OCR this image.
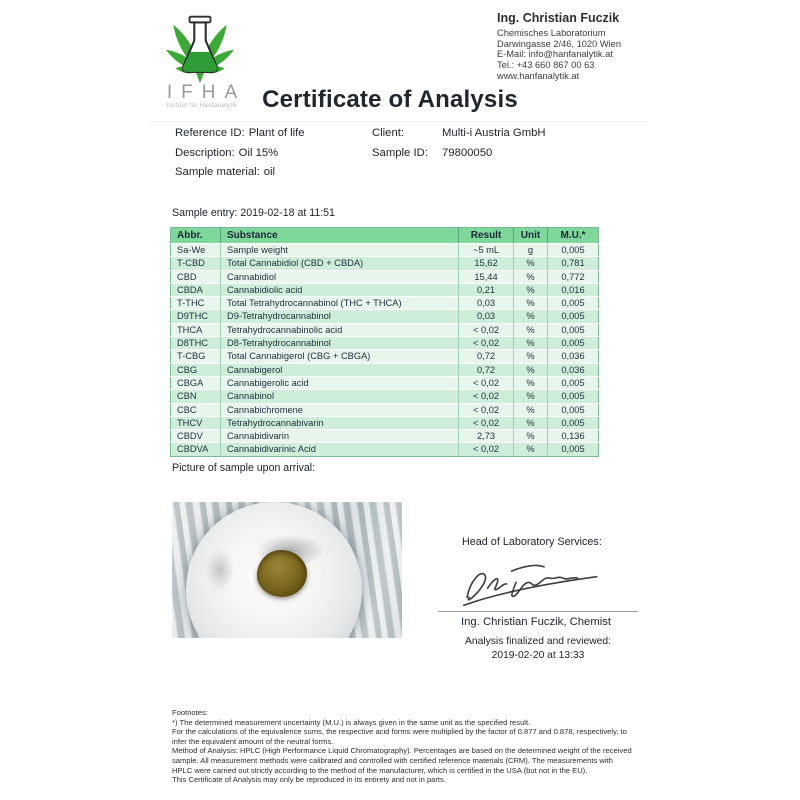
IFHA
Institut für Hanfanalytik
Ing. Christian Fuczik
Chemisches Laboratorium
Darwingasse 2/46, 1020 Wien
E-Mail: info@hanfanalytik.at
Tel.: +43 660 867 00 63
www.hanfanalytik.at
Certificate of Analysis
Reference ID: Plant of life
Description: Oil 15%
Sample material: oil
Client:	Multi-i Austria GmbH
Sample ID: 79800050
Sample entry: 2019-02-18 at 11:51
Abbr.	Substance	Result	Unit	M.U.*
Sa-We	Sample weight	~5 mL	g	0,005
T-CBD	Total Cannabidiol (CBD + CBDA)	15,62	%	0,781
CBD	Cannabidiol	15,44	%	0,772
CBDA	Cannabidiolic acid	0,21	%	0,016
T-THC	Total Tetrahydrocannabinol (THC + THCA)	0,03	%	0,005
D9THC	D9-Tetrahydrocannabinol	0,03	%	0,005
THCA	Tetrahydrocannabinolic acid	< 0,02	%	0,005
D8THC	D8-Tetrahydrocannabinol	< 0,02	%	0,005
T-CBG	Total Cannabigerol (CBG + CBGA)	0,72	%	0,036
CBG	Cannabigerol	0,72	%	0,036
CBGA	Cannabigerolic acid	< 0,02	%	0,005
CBN	Cannabinol	< 0,02	%	0,005
CBC	Cannabichromene	< 0,02	%	0,005
THCV	Tetrahydrocannabivarin	< 0,02	%	0,005
CBDV	Cannabidivarin	2,73	%	0,136
CBDVA	Cannabidivarinic Acid	< 0,02	%	0,005
Picture of sample upon arrival:
Head of Laboratory Services:
Ing. Christian Fuczik, Chemist
Analysis finalized and reviewed:
2019-02-20 at 13:33

Footnotes:

*) The determined measurement uncertainty (M.U.) is always given in the same unit as the specified result.

For the calculations of the equivalence sums, the respective acid forms were multiplied by the factor of 0.877 and 0.878, respectively, to infer the equivalent amount of the neutral forms.

Method of Analysis: HPLC (High Performance Liquid Chromatography). Percentages are based on the determined weight of the received sample. All measurement methods were calibrated and controlled with certified reference materials (CRM). The measurements with HPLC were carried out strictly according to the method of the manufacturer, which is certified in the USA (but not in the EU).

This Certificate of Analysis may only be reproduced in its entirety and not in parts.
